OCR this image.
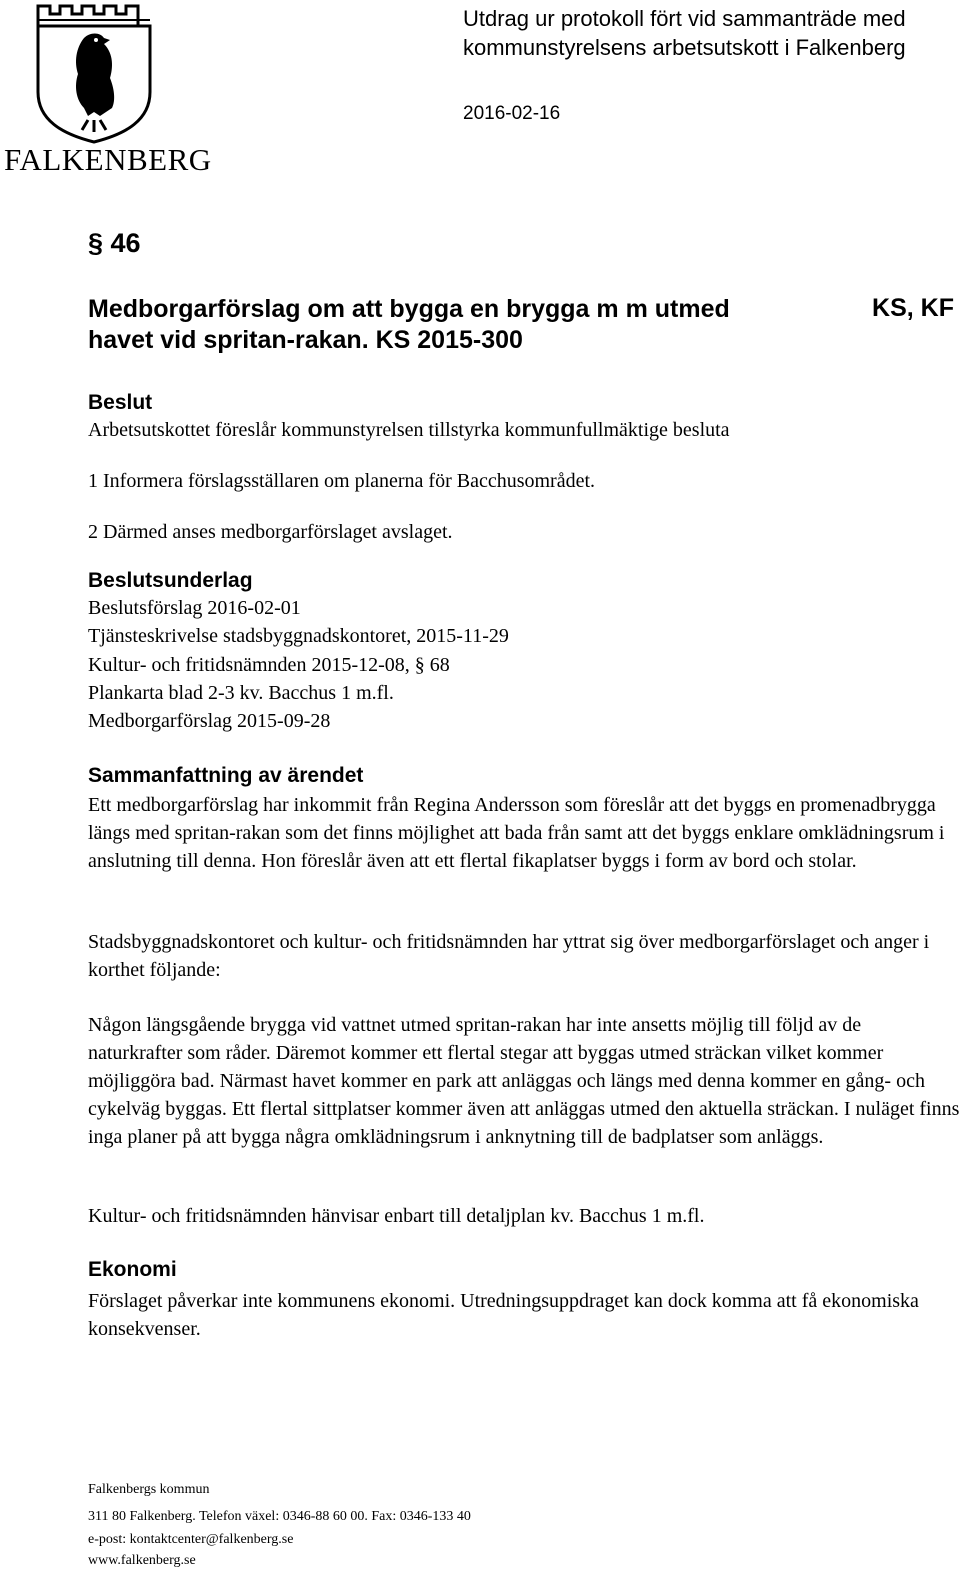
FALKENBERG
Utdrag ur protokoll fört vid sammanträde med
kommunstyrelsens arbetsutskott i Falkenberg
2016-02-16
§ 46
Medborgarförslag om att bygga en brygga m m utmed
havet vid spritan-rakan. KS 2015-300
KS, KF
Beslut
Arbetsutskottet föreslår kommunstyrelsen tillstyrka kommunfullmäktige besluta
1 Informera förslagsställaren om planerna för Bacchusområdet.
2 Därmed anses medborgarförslaget avslaget.
Beslutsunderlag
Beslutsförslag 2016-02-01
Tjänsteskrivelse stadsbyggnadskontoret, 2015-11-29
Kultur- och fritidsnämnden 2015-12-08, § 68
Plankarta blad 2-3 kv. Bacchus 1 m.fl.
Medborgarförslag 2015-09-28
Sammanfattning av ärendet
Ett medborgarförslag har inkommit från Regina Andersson som föreslår att det byggs en promenadbrygga längs med spritan-rakan som det finns möjlighet att bada från samt att det byggs enklare omklädningsrum i anslutning till denna. Hon föreslår även att ett flertal fikaplatser byggs i form av bord och stolar.
Stadsbyggnadskontoret och kultur- och fritidsnämnden har yttrat sig över medborgarförslaget och anger i korthet följande:
Någon längsgående brygga vid vattnet utmed spritan-rakan har inte ansetts möjlig till följd av de naturkrafter som råder. Däremot kommer ett flertal stegar att byggas utmed sträckan vilket kommer möjliggöra bad. Närmast havet kommer en park att anläggas och längs med denna kommer en gång- och cykelväg byggas. Ett flertal sittplatser kommer även att anläggas utmed den aktuella sträckan. I nuläget finns inga planer på att bygga några omklädningsrum i anknytning till de badplatser som anläggs.
Kultur- och fritidsnämnden hänvisar enbart till detaljplan kv. Bacchus 1 m.fl.
Ekonomi
Förslaget påverkar inte kommunens ekonomi. Utredningsuppdraget kan dock komma att få ekonomiska konsekvenser.
Falkenbergs kommun
311 80 Falkenberg. Telefon växel: 0346-88 60 00. Fax: 0346-133 40
e-post: kontaktcenter@falkenberg.se
www.falkenberg.se
